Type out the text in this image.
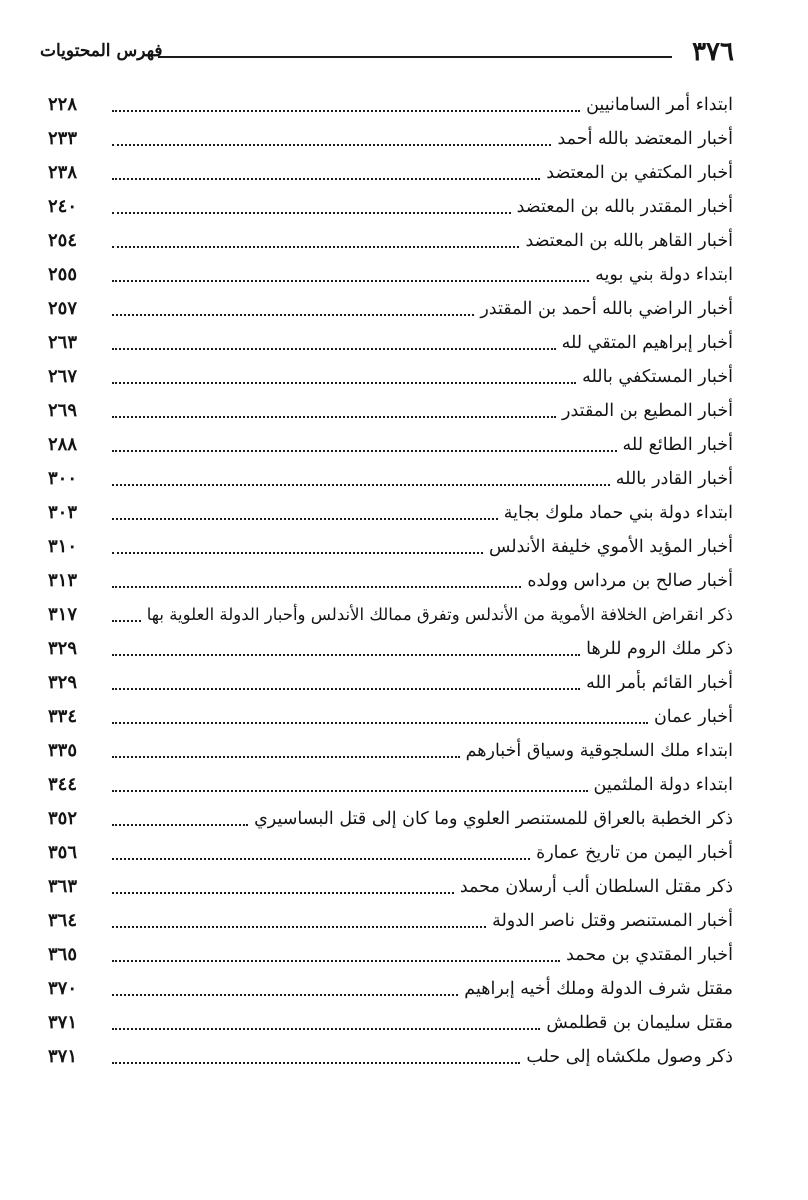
٣٧٦
فهرس المحتويات
ابتداء أمر السامانيين
٢٢٨
أخبار المعتضد بالله أحمد
٢٣٣
أخبار المكتفي بن المعتضد
٢٣٨
أخبار المقتدر بالله بن المعتضد
٢٤٠
أخبار القاهر بالله بن المعتضد
٢٥٤
ابتداء دولة بني بويه
٢٥٥
أخبار الراضي بالله أحمد بن المقتدر
٢٥٧
أخبار إبراهيم المتقي لله
٢٦٣
أخبار المستكفي بالله
٢٦٧
أخبار المطيع بن المقتدر
٢٦٩
أخبار الطائع لله
٢٨٨
أخبار القادر بالله
٣٠٠
ابتداء دولة بني حماد ملوك بجاية
٣٠٣
أخبار المؤيد الأموي خليفة الأندلس
٣١٠
أخبار صالح بن مرداس وولده
٣١٣
ذكر انقراض الخلافة الأموية من الأندلس وتفرق ممالك الأندلس وأحبار الدولة العلوية بها
٣١٧
ذكر ملك الروم للرها
٣٢٩
أخبار القائم بأمر الله
٣٢٩
أخبار عمان
٣٣٤
ابتداء ملك السلجوقية وسياق أخبارهم
٣٣٥
ابتداء دولة الملثمين
٣٤٤
ذكر الخطبة بالعراق للمستنصر العلوي وما كان إلى قتل البساسيري
٣٥٢
أخبار اليمن من تاريخ عمارة
٣٥٦
ذكر مقتل السلطان ألب أرسلان محمد
٣٦٣
أخبار المستنصر وقتل ناصر الدولة
٣٦٤
أخبار المقتدي بن محمد
٣٦٥
مقتل شرف الدولة وملك أخيه إبراهيم
٣٧٠
مقتل سليمان بن قطلمش
٣٧١
ذكر وصول ملكشاه إلى حلب
٣٧١
